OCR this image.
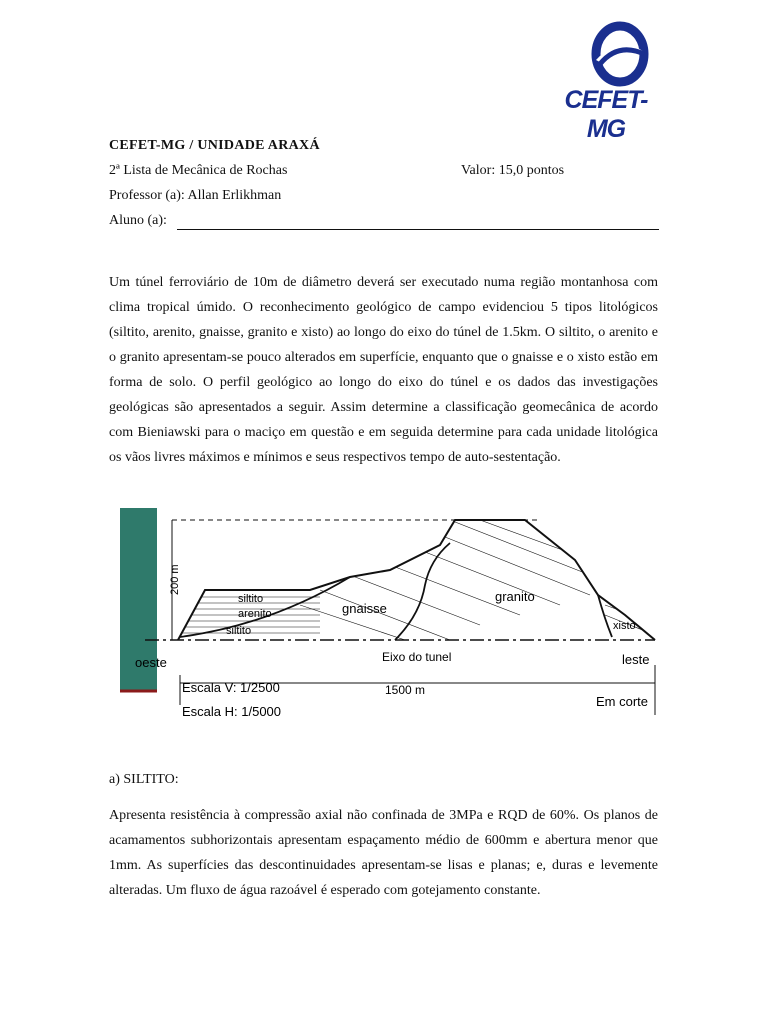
CEFET-MG
CEFET-MG / UNIDADE ARAXÁ
2ª Lista de Mecânica de Rochas	Valor: 15,0 pontos
Professor (a): Allan Erlikhman
Aluno (a):

Um túnel ferroviário de 10m de diâmetro deverá ser executado numa região montanhosa com clima tropical úmido. O reconhecimento geológico de campo evidenciou 5 tipos litológicos (siltito, arenito, gnaisse, granito e xisto) ao longo do eixo do túnel de 1.5km. O siltito, o arenito e o granito apresentam-se pouco alterados em superfície, enquanto que o gnaisse e o xisto estão em forma de solo. O perfil geológico ao longo do eixo do túnel e os dados das investigações geológicas são apresentados a seguir. Assim determine a classificação geomecânica de acordo com Bieniawski para o maciço em questão e em seguida determine para cada unidade litológica os vãos livres máximos e mínimos e seus respectivos tempo de auto-sestentação.

200 m
siltito
arenito
siltito
gnaisse
granito
xisto
Eixo do tunel
oeste	leste
1500 m
Escala V: 1/2500
Escala H: 1/5000
Em corte

a) SILTITO:

Apresenta resistência à compressão axial não confinada de 3MPa e RQD de 60%. Os planos de acamamentos subhorizontais apresentam espaçamento médio de 600mm e abertura menor que 1mm. As superfícies das descontinuidades apresentam-se lisas e planas; e, duras e levemente alteradas. Um fluxo de água razoável é esperado com gotejamento constante.
